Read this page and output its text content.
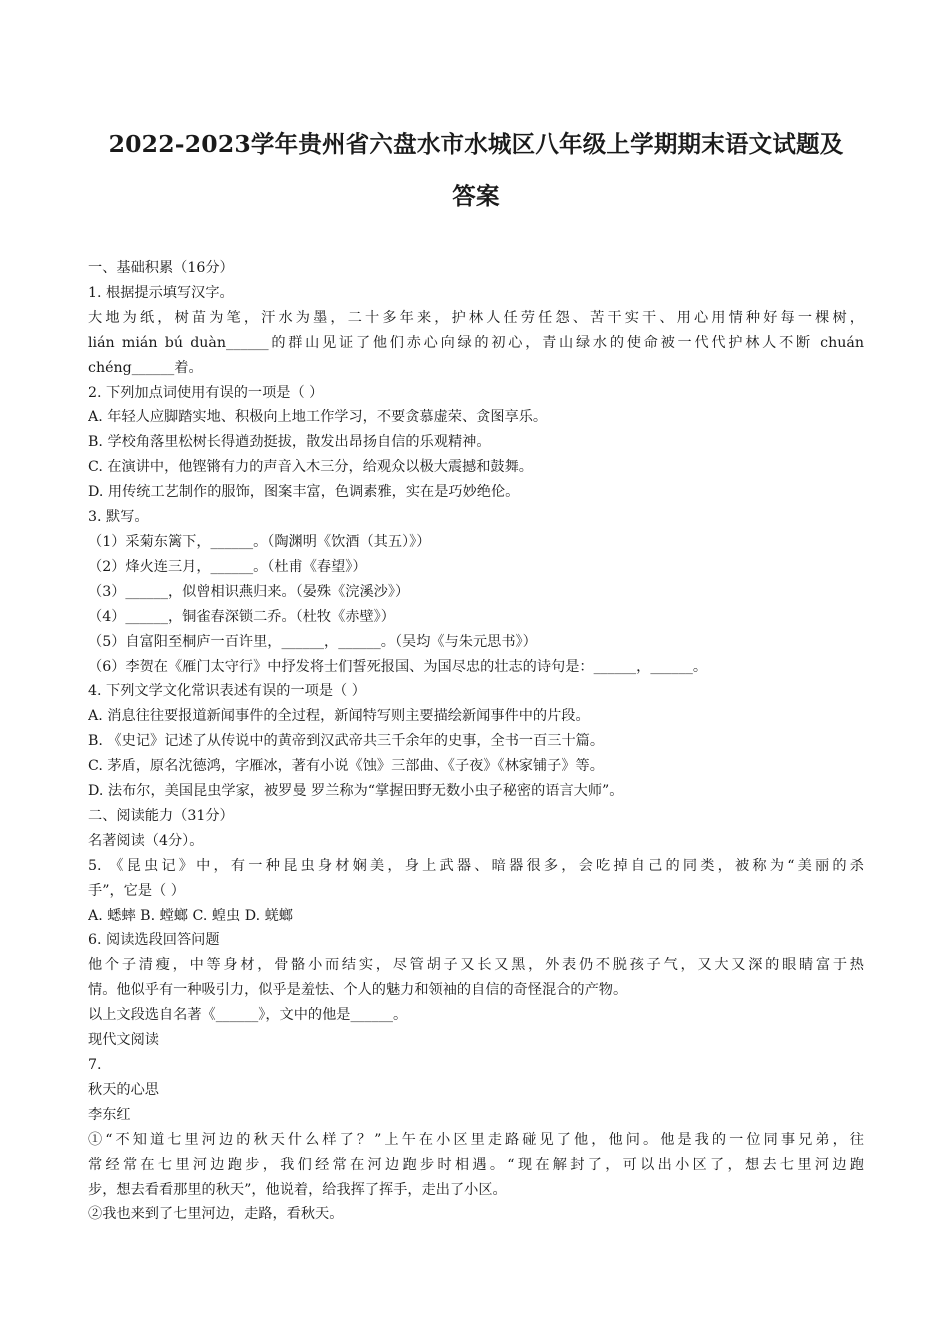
2022-2023学年贵州省六盘水市水城区八年级上学期期末语文试题及
答案
一、基础积累（16分）
1. 根据提示填写汉字。
大地为纸，树苗为笔，汗水为墨，二十多年来，护林人任劳任怨、苦干实干、用心用情种好每一棵树，
lián mián bú duàn______的群山见证了他们赤心向绿的初心，青山绿水的使命被一代代护林人不断 chuán
chéng______着。
2. 下列加点词使用有误的一项是（ ）
A. 年轻人应脚踏实地、积极向上地工作学习，不要贪慕虚荣、贪图享乐。
B. 学校角落里松树长得遒劲挺拔，散发出昂扬自信的乐观精神。
C. 在演讲中，他铿锵有力的声音入木三分，给观众以极大震撼和鼓舞。
D. 用传统工艺制作的服饰，图案丰富，色调素雅，实在是巧妙绝伦。
3. 默写。
（1）采菊东篱下，______。（陶渊明《饮酒（其五）》）
（2）烽火连三月，______。（杜甫《春望》）
（3）______，似曾相识燕归来。（晏殊《浣溪沙》）
（4）______，铜雀春深锁二乔。（杜牧《赤壁》）
（5）自富阳至桐庐一百许里，______，______。（吴均《与朱元思书》）
（6）李贺在《雁门太守行》中抒发将士们誓死报国、为国尽忠的壮志的诗句是：______，______。
4. 下列文学文化常识表述有误的一项是（ ）
A. 消息往往要报道新闻事件的全过程，新闻特写则主要描绘新闻事件中的片段。
B. 《史记》记述了从传说中的黄帝到汉武帝共三千余年的史事，全书一百三十篇。
C. 茅盾，原名沈德鸿，字雁冰，著有小说《蚀》三部曲、《子夜》《林家铺子》等。
D. 法布尔，美国昆虫学家，被罗曼 罗兰称为“掌握田野无数小虫子秘密的语言大师”。
二、阅读能力（31分）
名著阅读（4分）。
5. 《昆虫记》中，有一种昆虫身材娴美，身上武器、暗器很多，会吃掉自己的同类，被称为“美丽的杀
手”，它是（ ）
A. 蟋蟀 B. 螳螂 C. 蝗虫 D. 蜣螂
6. 阅读选段回答问题
他个子清瘦，中等身材，骨骼小而结实，尽管胡子又长又黑，外表仍不脱孩子气，又大又深的眼睛富于热
情。他似乎有一种吸引力，似乎是羞怯、个人的魅力和领袖的自信的奇怪混合的产物。
以上文段选自名著《______》，文中的他是______。
现代文阅读
7.
秋天的心思
李东红
①“不知道七里河边的秋天什么样了？”上午在小区里走路碰见了他，他问。他是我的一位同事兄弟，往
常经常在七里河边跑步，我们经常在河边跑步时相遇。“现在解封了，可以出小区了，想去七里河边跑
步，想去看看那里的秋天”，他说着，给我挥了挥手，走出了小区。
②我也来到了七里河边，走路，看秋天。
